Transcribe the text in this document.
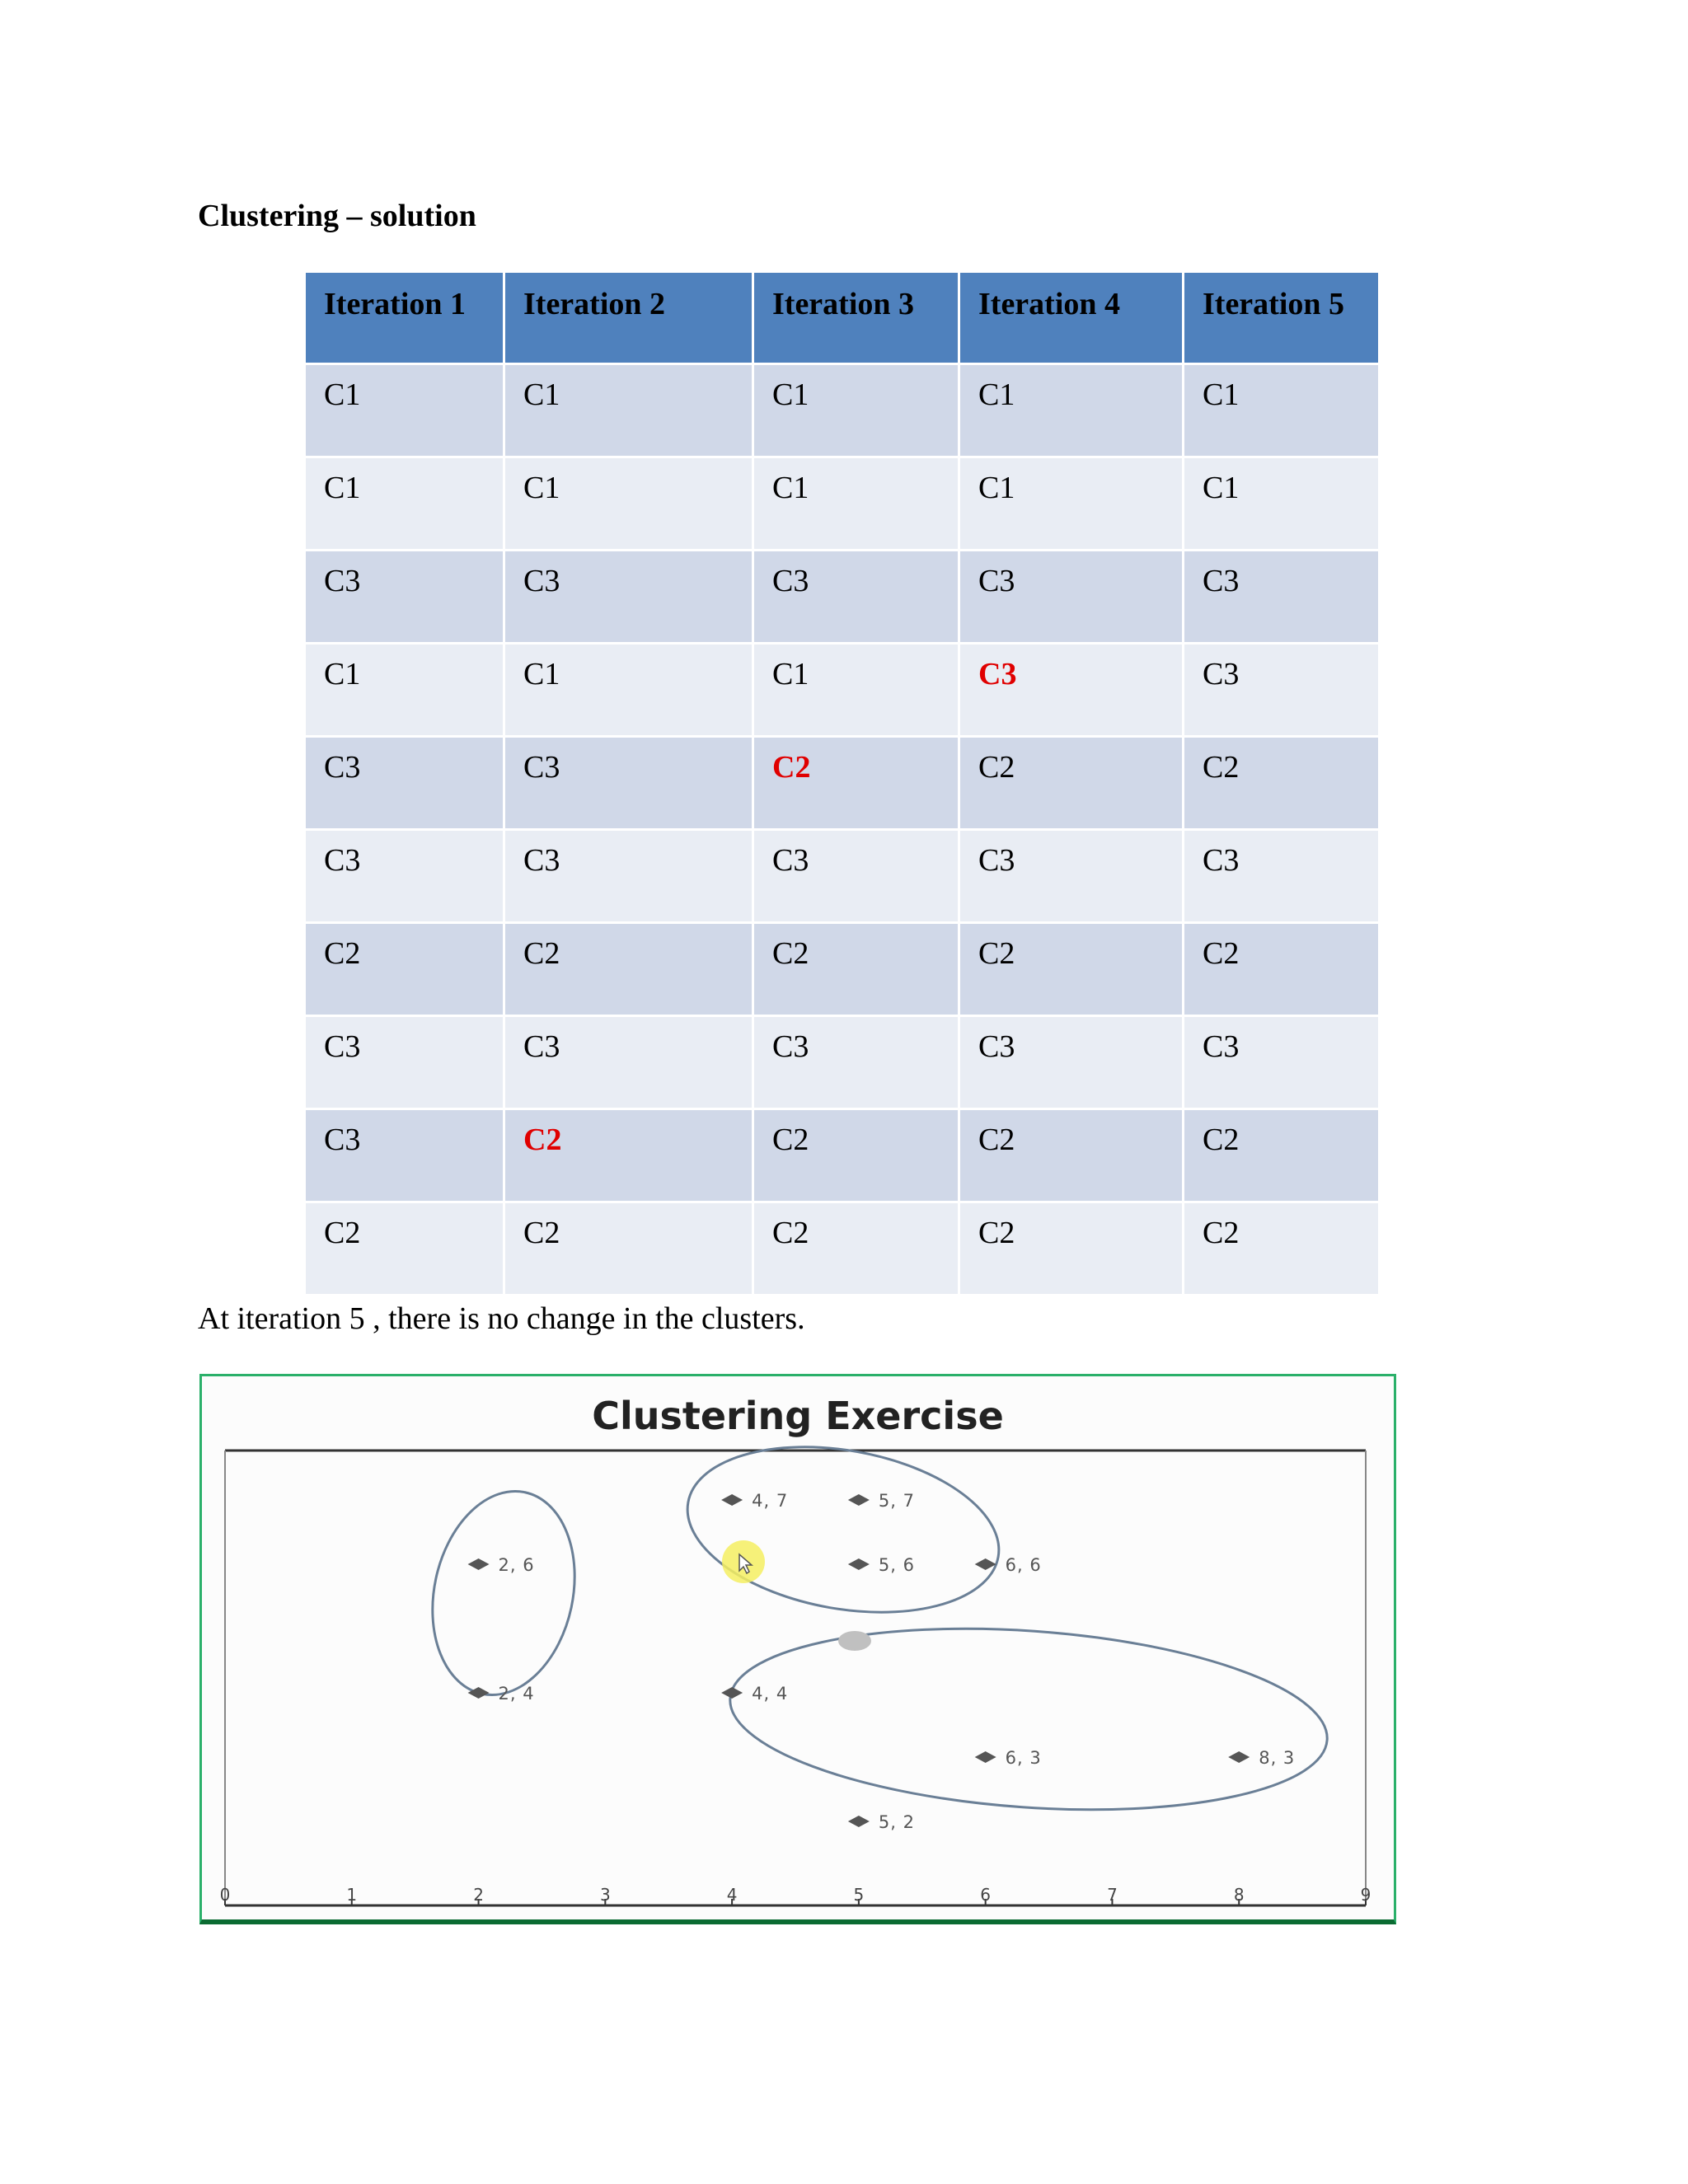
Clustering – solution
Iteration 1	Iteration 2	Iteration 3	Iteration 4	Iteration 5
C1	C1	C1	C1	C1
C1	C1	C1	C1	C1
C3	C3	C3	C3	C3
C1	C1	C1	C3	C3
C3	C3	C2	C2	C2
C3	C3	C3	C3	C3
C2	C2	C2	C2	C2
C3	C3	C3	C3	C3
C3	C2	C2	C2	C2
C2	C2	C2	C2	C2

At iteration 5 , there is no change in the clusters.

Clustering Exercise
0	1	2	3	4	5	6	7	8	9
2, 6
2, 4
4, 7	5, 7
5, 6	6, 6
4, 4
6, 3	8, 3
5, 2
